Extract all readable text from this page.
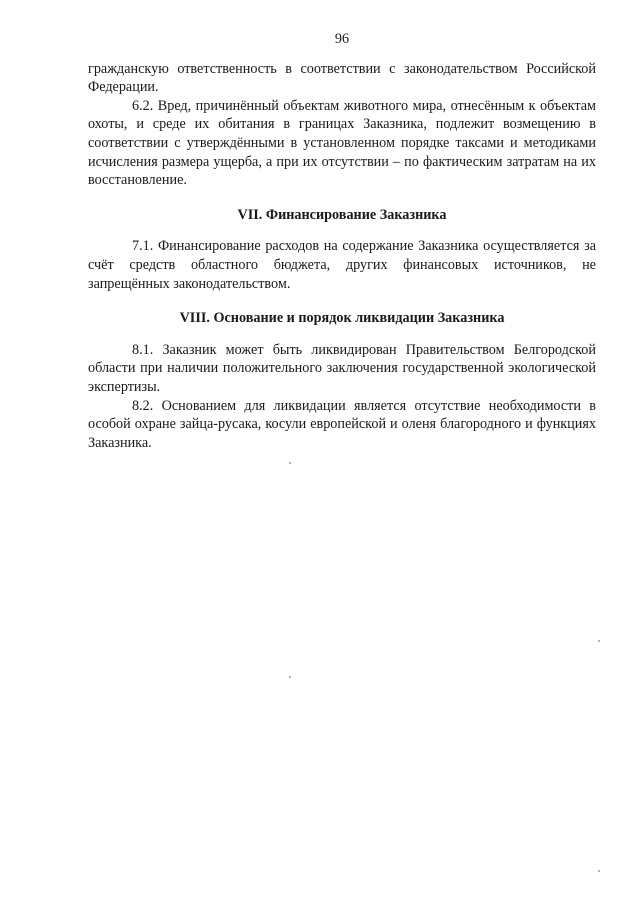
96

гражданскую ответственность в соответствии с законодательством Российской Федерации.

6.2. Вред, причинённый объектам животного мира, отнесённым к объектам охоты, и среде их обитания в границах Заказника, подлежит возмещению в соответствии с утверждёнными в установленном порядке таксами и методиками исчисления размера ущерба, а при их отсутствии – по фактическим затратам на их восстановление.

VII. Финансирование Заказника

7.1. Финансирование расходов на содержание Заказника осуществляется за счёт средств областного бюджета, других финансовых источников, не запрещённых законодательством.

VIII. Основание и порядок ликвидации Заказника

8.1. Заказник может быть ликвидирован Правительством Белгородской области при наличии положительного заключения государственной экологической экспертизы.

8.2. Основанием для ликвидации является отсутствие необходимости в особой охране зайца-русака, косули европейской и оленя благородного и функциях Заказника.
